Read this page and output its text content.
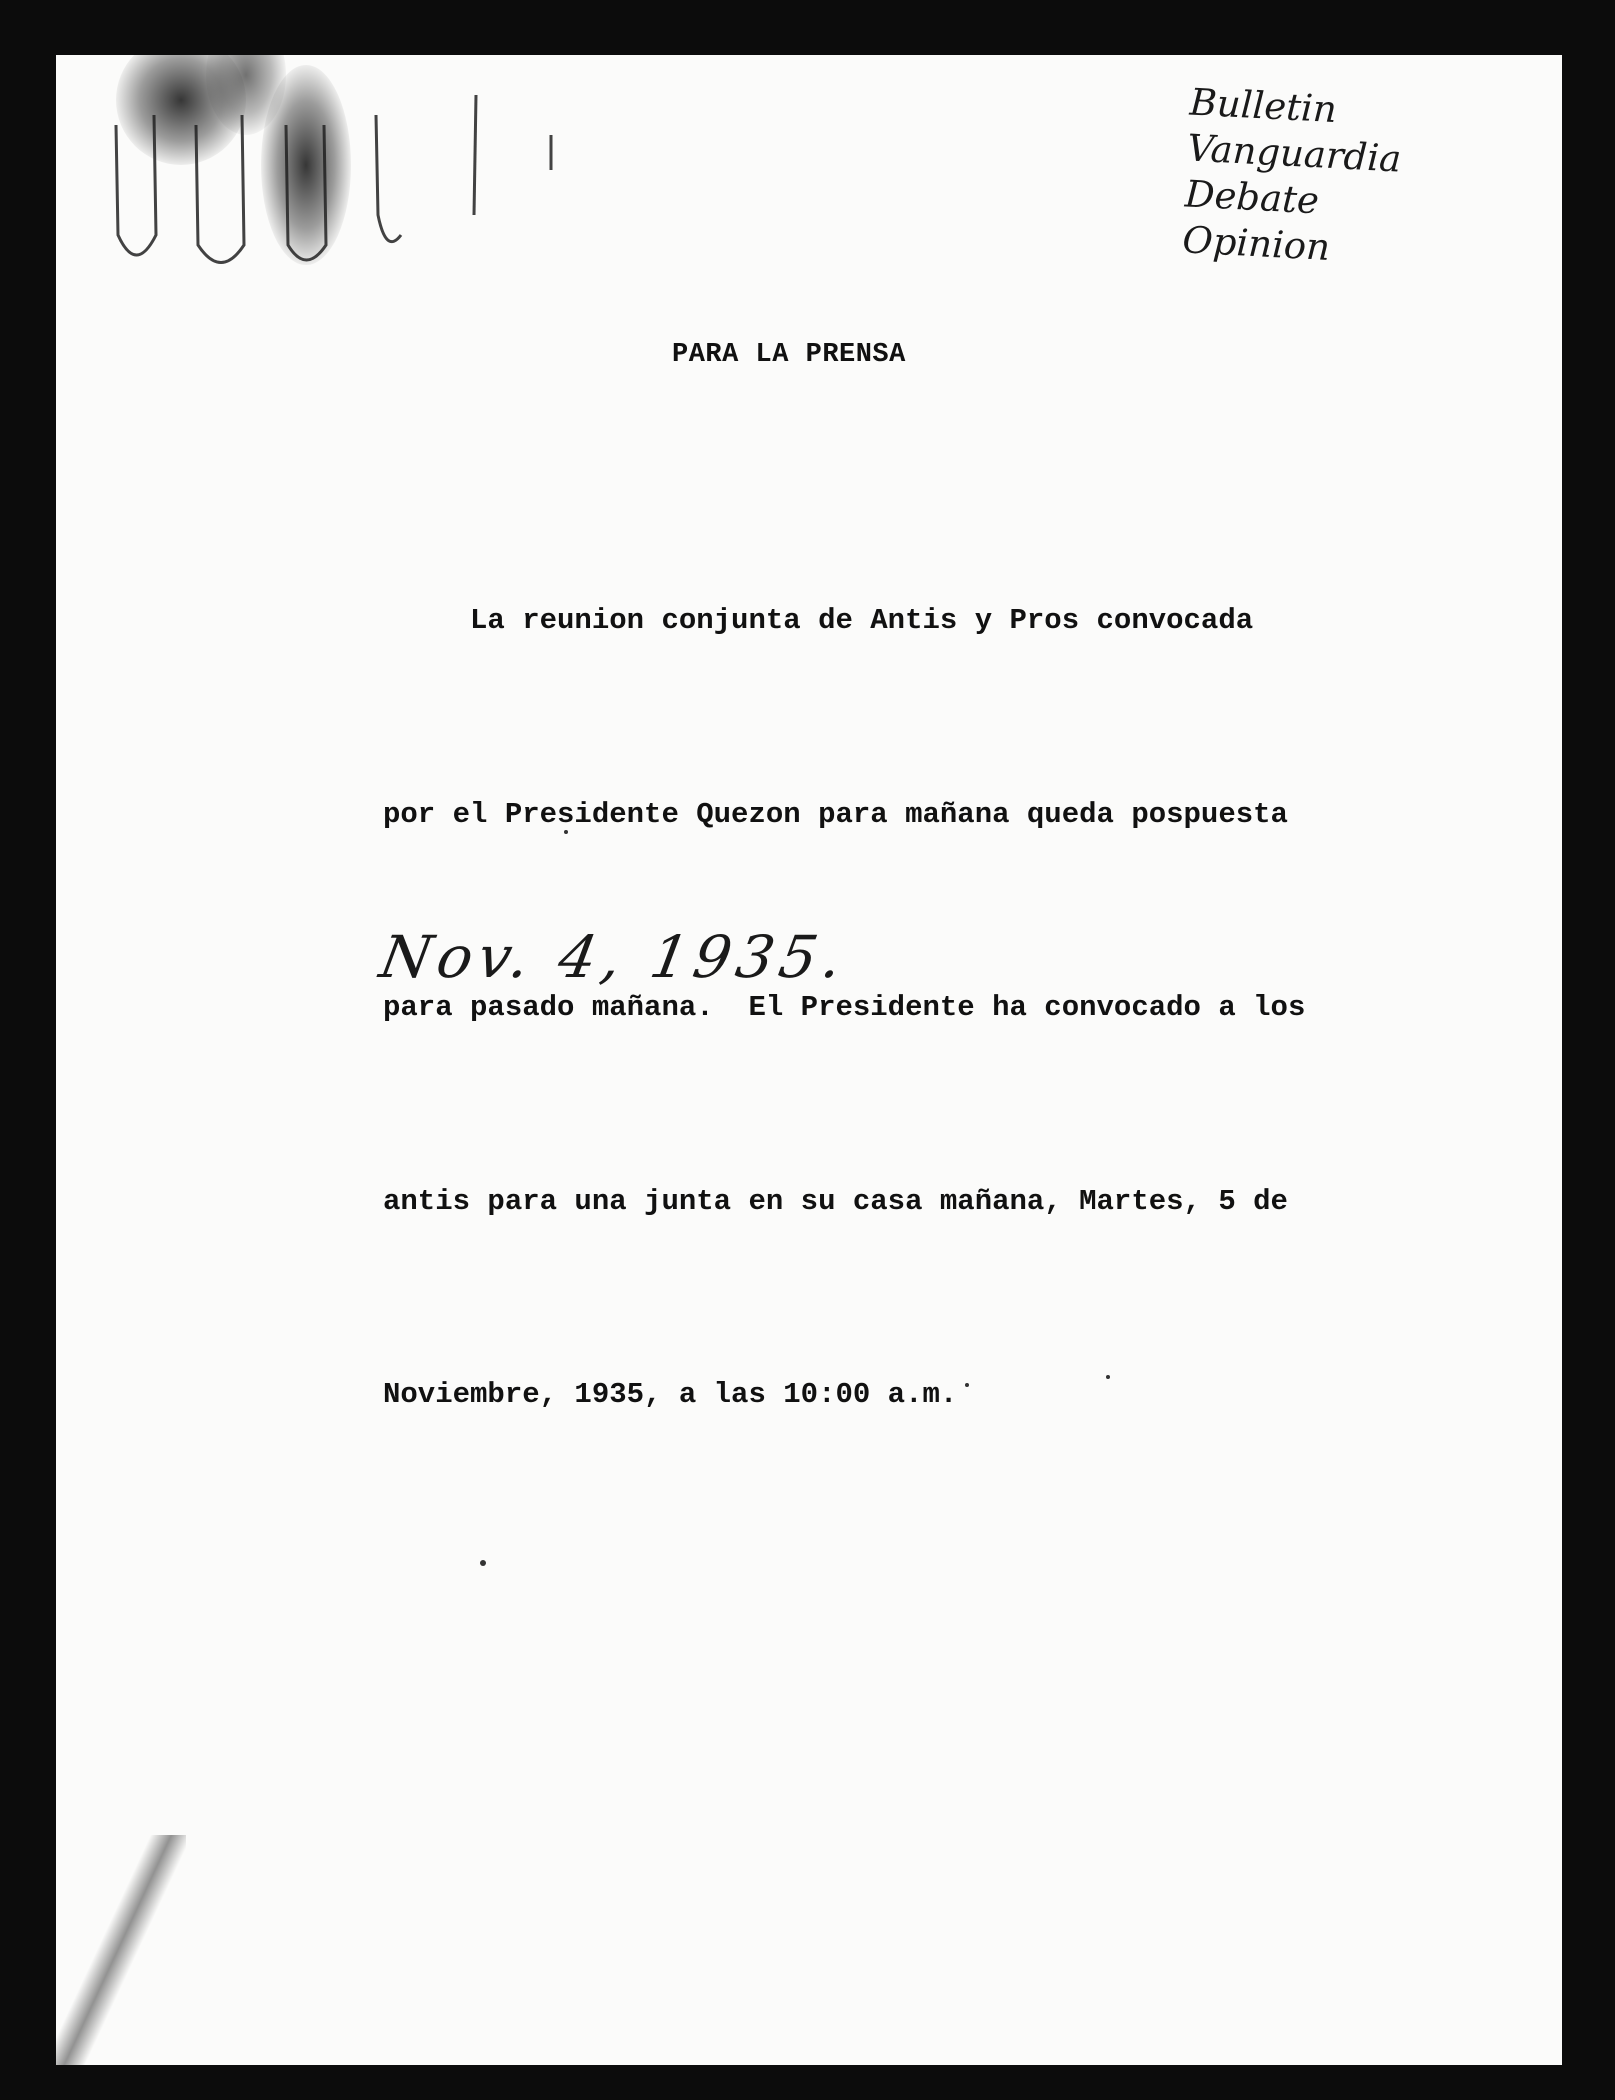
Bulletin
Vanguardia
Debate
Opinion
PARA LA PRENSA

La reunion conjunta de Antis y Pros convocada

por el Presidente Quezon para mañana queda pospuesta

para pasado mañana.  El Presidente ha convocado a los

antis para una junta en su casa mañana, Martes, 5 de

Noviembre, 1935, a las 10:00 a.m.

Nov. 4, 1935.
